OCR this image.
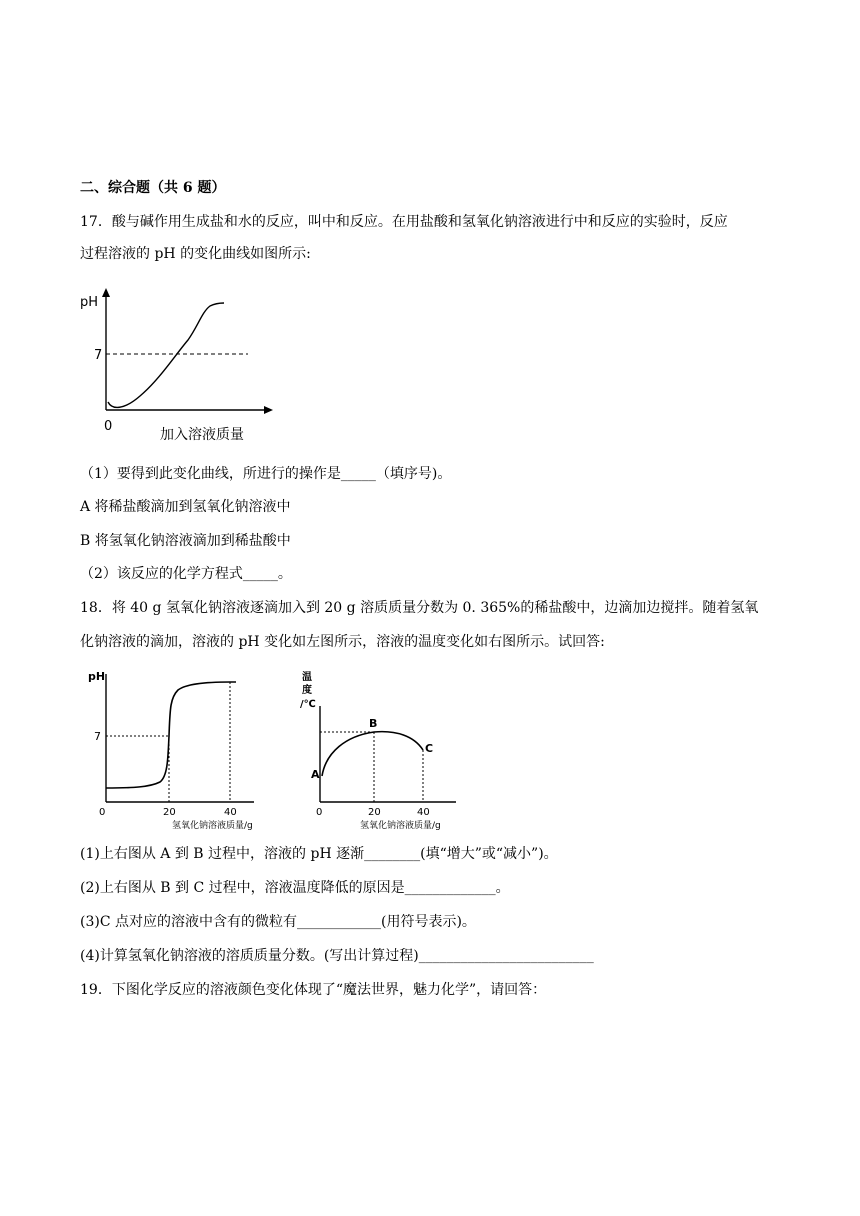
二、综合题（共 6 题）
17．酸与碱作用生成盐和水的反应，叫中和反应。在用盐酸和氢氧化钠溶液进行中和反应的实验时，反应
过程溶液的 pH 的变化曲线如图所示:
pH
7
0
加入溶液质量
（1）要得到此变化曲线，所进行的操作是_____（填序号)。
A 将稀盐酸滴加到氢氧化钠溶液中
B 将氢氧化钠溶液滴加到稀盐酸中
（2）该反应的化学方程式_____。
18．将 40 g 氢氧化钠溶液逐滴加入到 20 g 溶质质量分数为 0. 365%的稀盐酸中，边滴加边搅拌。随着氢氧
化钠溶液的滴加，溶液的 pH 变化如左图所示，溶液的温度变化如右图所示。试回答:
pH
7
0	20	40
氢氧化钠溶液质量/g
温
度
/℃
A
B
C
0	20	40
氢氧化钠溶液质量/g
(1)上右图从 A 到 B 过程中，溶液的 pH 逐渐________(填“增大”或“减小”)。
(2)上右图从 B 到 C 过程中，溶液温度降低的原因是_____________。
(3)C 点对应的溶液中含有的微粒有____________(用符号表示)。
(4)计算氢氧化钠溶液的溶质质量分数。(写出计算过程)_________________________
19．下图化学反应的溶液颜色变化体现了“魔法世界，魅力化学”，请回答：
